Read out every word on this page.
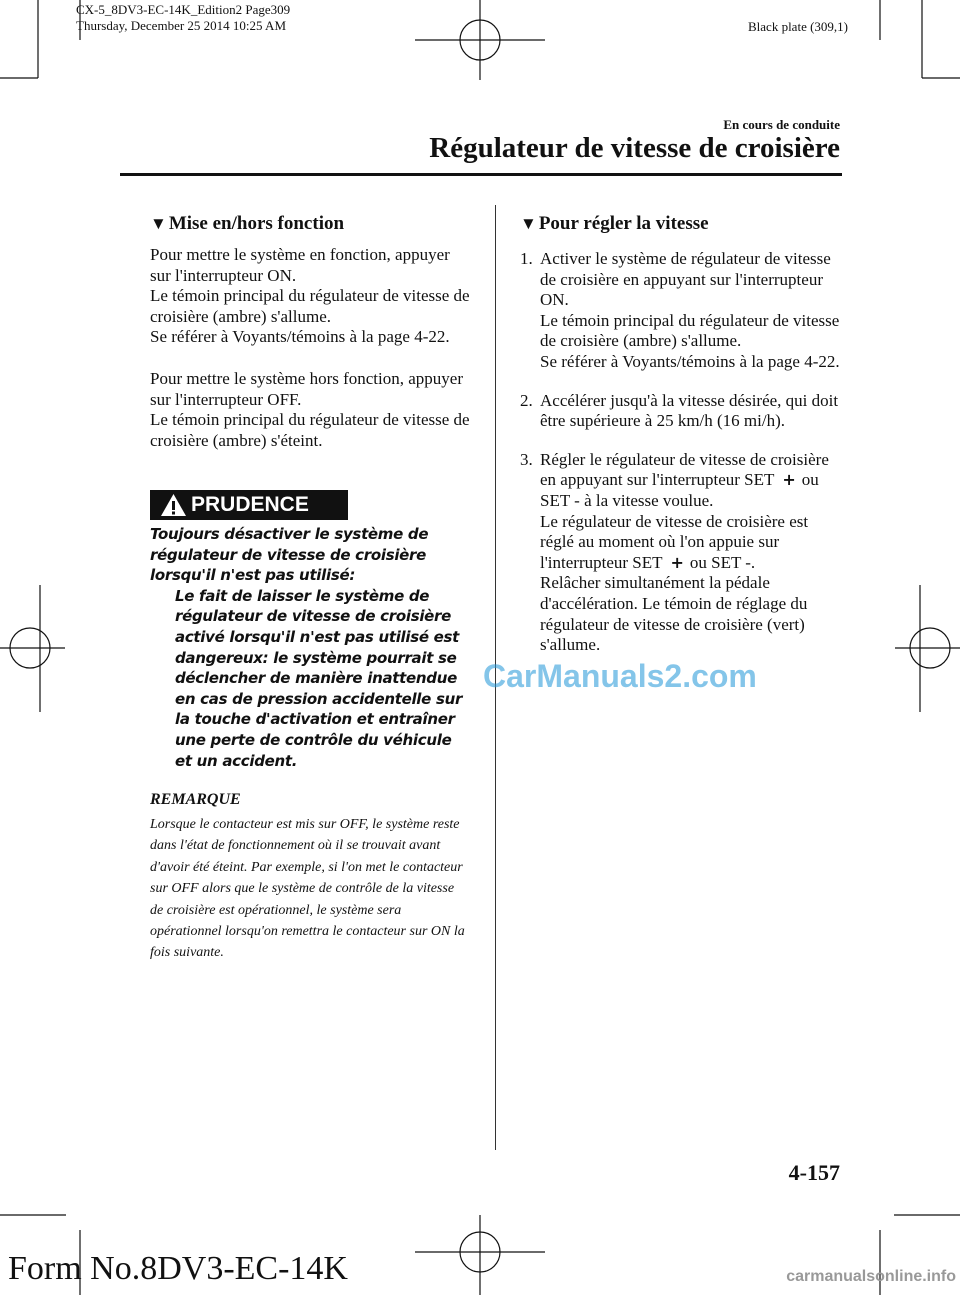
CX-5_8DV3-EC-14K_Edition2 Page309
Thursday, December 25 2014 10:25 AM	Black plate (309,1)
En cours de conduite
Régulateur de vitesse de croisière
▼ Mise en/hors fonction

Pour mettre le système en fonction, appuyer sur l'interrupteur ON.

Le témoin principal du régulateur de vitesse de croisière (ambre) s'allume.

Se référer à Voyants/témoins à la page 4-22.

Pour mettre le système hors fonction, appuyer sur l'interrupteur OFF.

Le témoin principal du régulateur de vitesse de croisière (ambre) s'éteint.

PRUDENCE
Toujours désactiver le système de régulateur de vitesse de croisière lorsqu'il n'est pas utilisé:
Le fait de laisser le système de régulateur de vitesse de croisière activé lorsqu'il n'est pas utilisé est dangereux: le système pourrait se déclencher de manière inattendue en cas de pression accidentelle sur la touche d'activation et entraîner une perte de contrôle du véhicule et un accident.
REMARQUE
Lorsque le contacteur est mis sur OFF, le système reste dans l'état de fonctionnement où il se trouvait avant d'avoir été éteint. Par exemple, si l'on met le contacteur sur OFF alors que le système de contrôle de la vitesse de croisière est opérationnel, le système sera opérationnel lorsqu'on remettra le contacteur sur ON la fois suivante.
▼ Pour régler la vitesse
1. Activer le système de régulateur de vitesse de croisière en appuyant sur l'interrupteur ON.
Le témoin principal du régulateur de vitesse de croisière (ambre) s'allume.
Se référer à Voyants/témoins à la page 4-22.
2. Accélérer jusqu'à la vitesse désirée, qui doit être supérieure à 25 km/h (16 mi/h).
3. Régler le régulateur de vitesse de croisière en appuyant sur l'interrupteur SET + ou SET - à la vitesse voulue.
Le régulateur de vitesse de croisière est réglé au moment où l'on appuie sur l'interrupteur SET + ou SET -.
Relâcher simultanément la pédale d'accélération. Le témoin de réglage du régulateur de vitesse de croisière (vert) s'allume.
CarManuals2.com
4-157
Form No.8DV3-EC-14K	carmanualsonline.info
